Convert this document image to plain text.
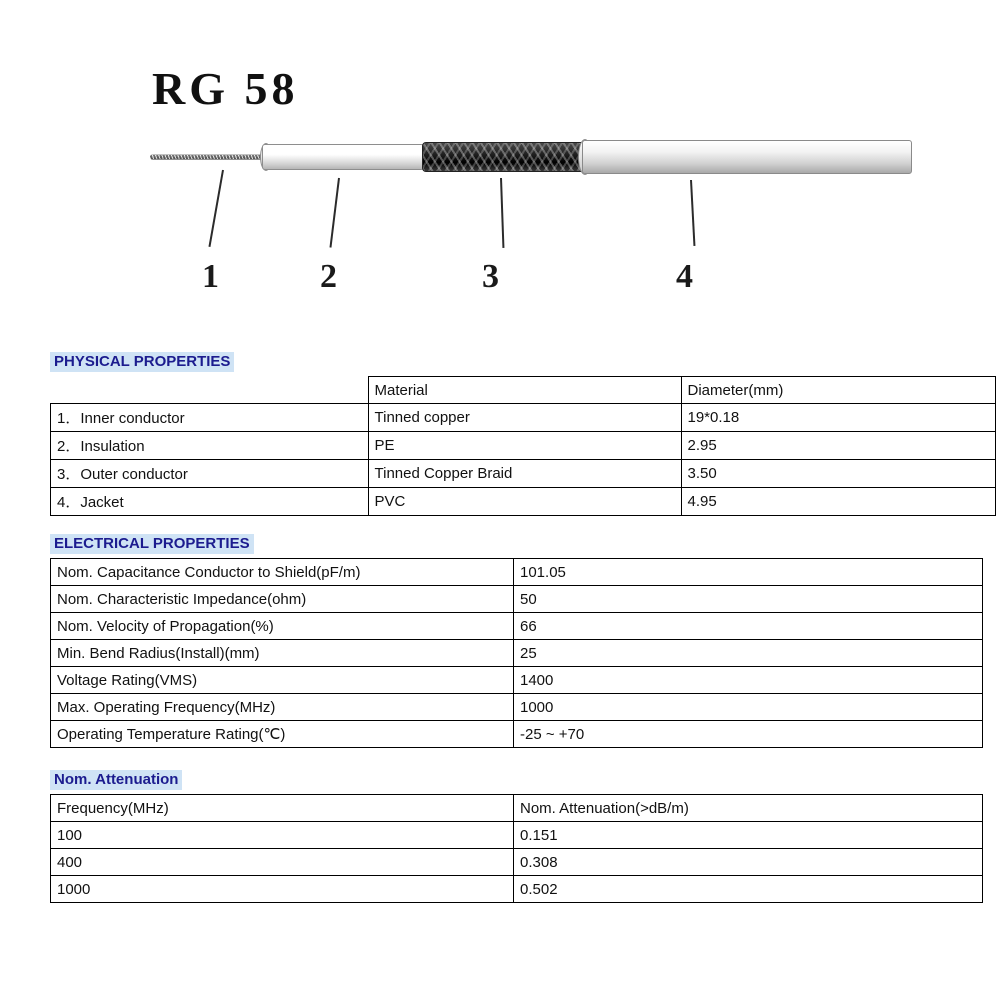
RG 58
1	2	3	4
PHYSICAL PROPERTIES
	Material	Diameter(mm)
1．Inner conductor	Tinned copper	19*0.18
2．Insulation	PE	2.95
3．Outer conductor	Tinned Copper Braid	3.50
4．Jacket	PVC	4.95
ELECTRICAL PROPERTIES
Nom. Capacitance Conductor to Shield(pF/m)	101.05
Nom. Characteristic Impedance(ohm)	50
Nom. Velocity of Propagation(%)	66
Min. Bend Radius(Install)(mm)	25
Voltage Rating(VMS)	1400
Max. Operating Frequency(MHz)	1000
Operating Temperature Rating(℃)	-25 ~ +70
Nom. Attenuation
Frequency(MHz)	Nom. Attenuation(>dB/m)
100	0.151
400	0.308
1000	0.502
